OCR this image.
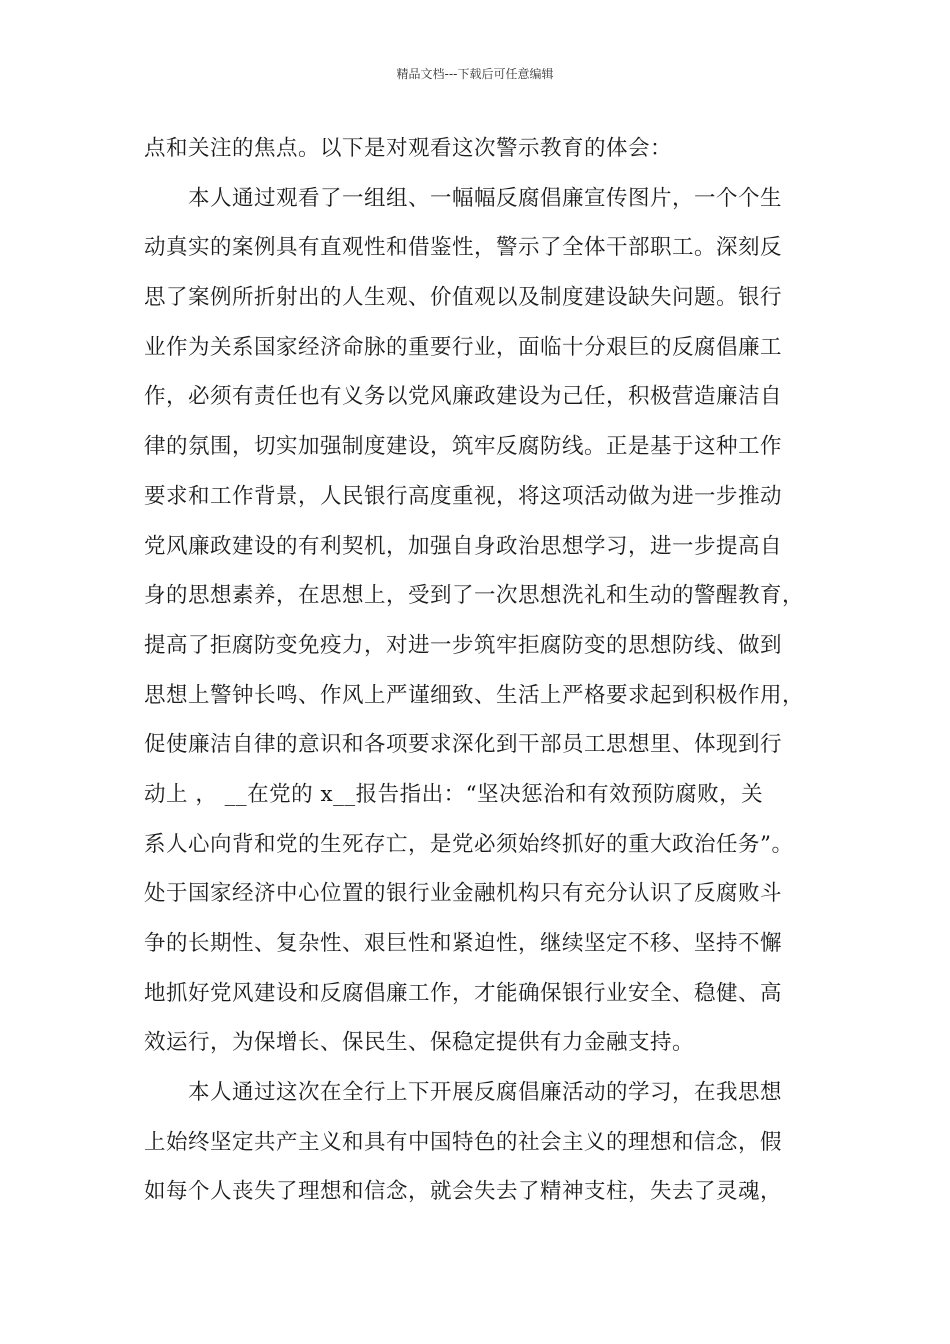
精品文档---下载后可任意编辑
点和关注的焦点。以下是对观看这次警示教育的体会：
本人通过观看了一组组、一幅幅反腐倡廉宣传图片，一个个生
动真实的案例具有直观性和借鉴性，警示了全体干部职工。深刻反
思了案例所折射出的人生观、价值观以及制度建设缺失问题。银行
业作为关系国家经济命脉的重要行业，面临十分艰巨的反腐倡廉工
作，必须有责任也有义务以党风廉政建设为己任，积极营造廉洁自
律的氛围，切实加强制度建设，筑牢反腐防线。正是基于这种工作
要求和工作背景，人民银行高度重视，将这项活动做为进一步推动
党风廉政建设的有利契机，加强自身政治思想学习，进一步提高自
身的思想素养，在思想上，受到了一次思想洗礼和生动的警醒教育，
提高了拒腐防变免疫力，对进一步筑牢拒腐防变的思想防线、做到
思想上警钟长鸣、作风上严谨细致、生活上严格要求起到积极作用，
促使廉洁自律的意识和各项要求深化到干部员工思想里、体现到行
动上 ， __在党的 x__报告指出：“坚决惩治和有效预防腐败，关
系人心向背和党的生死存亡，是党必须始终抓好的重大政治任务”。
处于国家经济中心位置的银行业金融机构只有充分认识了反腐败斗
争的长期性、复杂性、艰巨性和紧迫性，继续坚定不移、坚持不懈
地抓好党风建设和反腐倡廉工作，才能确保银行业安全、稳健、高
效运行，为保增长、保民生、保稳定提供有力金融支持。
本人通过这次在全行上下开展反腐倡廉活动的学习，在我思想
上始终坚定共产主义和具有中国特色的社会主义的理想和信念，假
如每个人丧失了理想和信念，就会失去了精神支柱，失去了灵魂，
